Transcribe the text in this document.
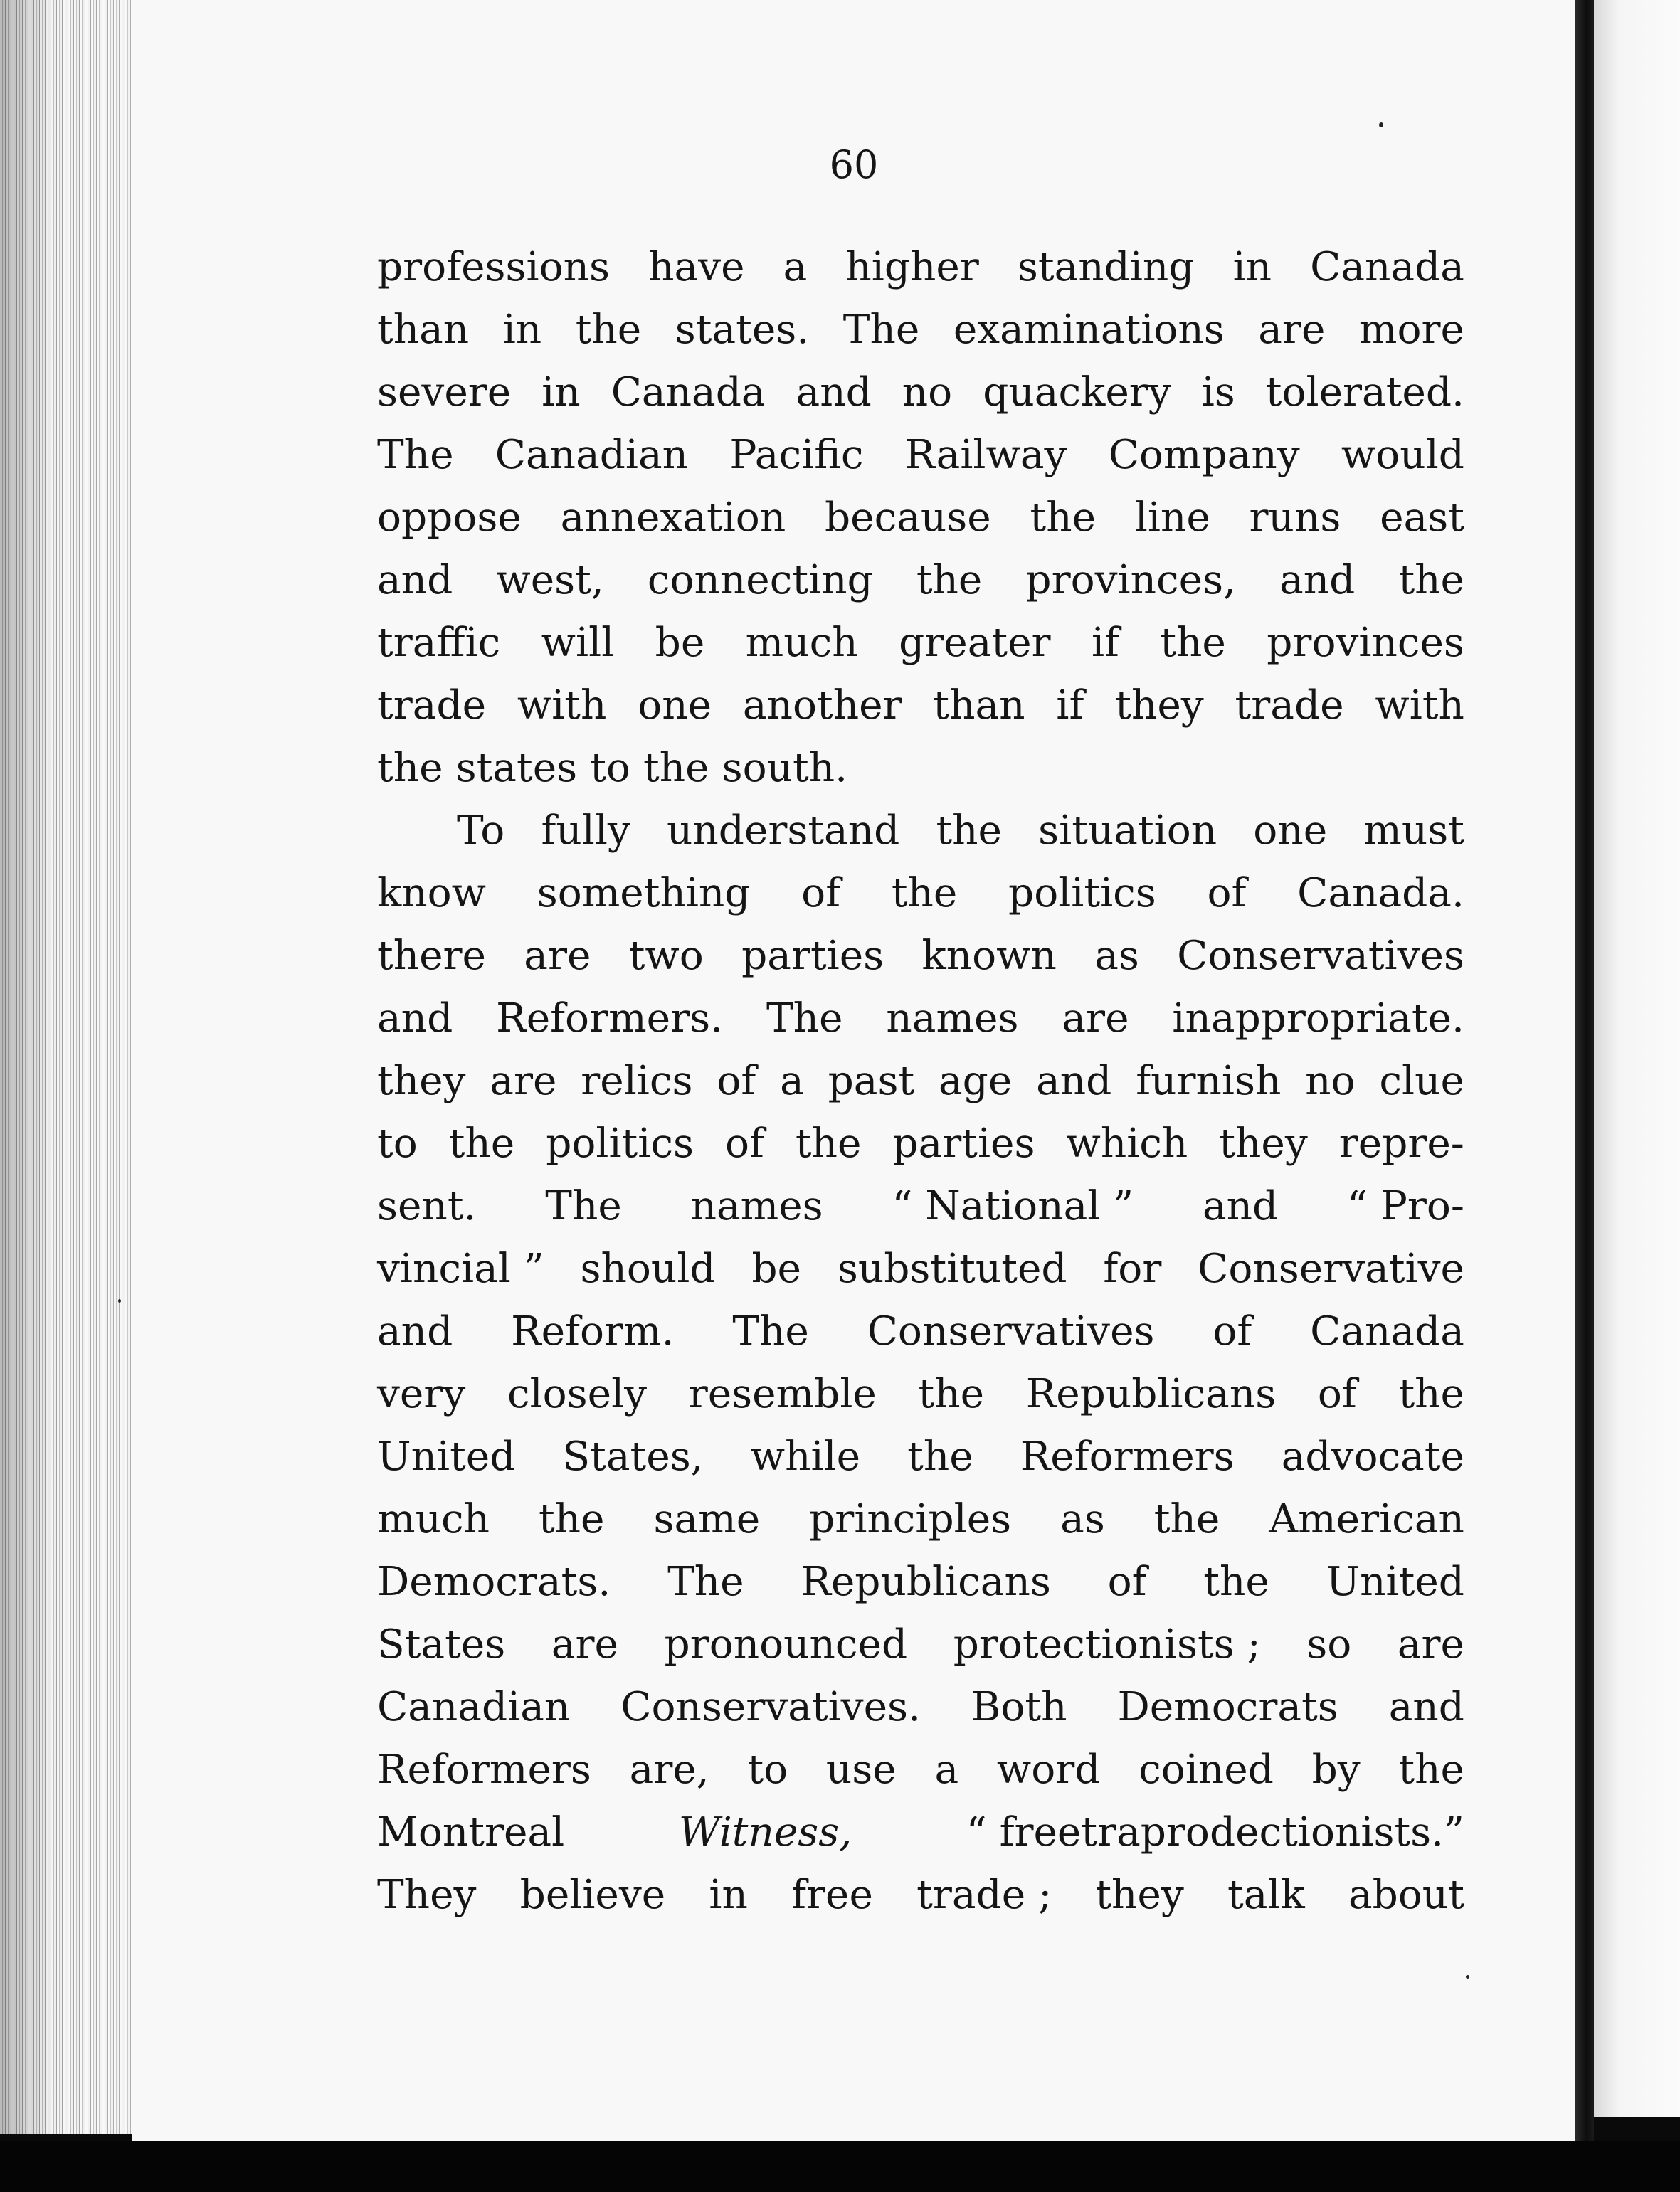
60
professions have a higher standing in Canada
than in the states. The examinations are more
severe in Canada and no quackery is tolerated.
The Canadian Pacific Railway Company would
oppose annexation because the line runs east
and west, connecting the provinces, and the
traffic will be much greater if the provinces
trade with one another than if they trade with
the states to the south.
To fully understand the situation one must
know something of the politics of Canada.
there are two parties known as Conservatives
and Reformers. The names are inappropriate.
they are relics of a past age and furnish no clue
to the politics of the parties which they repre-
sent. The names “ National ” and “ Pro-
vincial ” should be substituted for Conservative
and Reform. The Conservatives of Canada
very closely resemble the Republicans of the
United States, while the Reformers advocate
much the same principles as the American
Democrats. The Republicans of the United
States are pronounced protectionists ; so are
Canadian Conservatives. Both Democrats and
Reformers are, to use a word coined by the
Montreal	Witness,	“ freetraprodectionists.”
They believe in free trade ; they talk about
